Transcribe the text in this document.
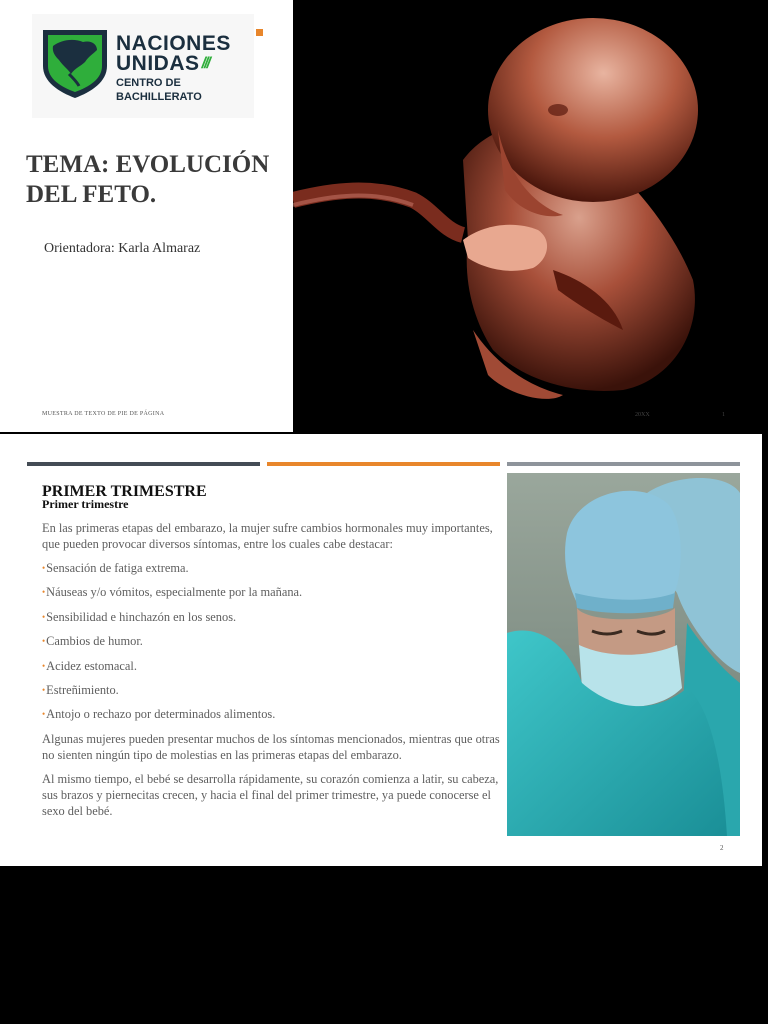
NACIONES
UNIDAS ///
CENTRO DE BACHILLERATO
TEMA: EVOLUCIÓN DEL FETO.

Orientadora: Karla Almaraz

MUESTRA DE TEXTO DE PIE DE PÁGINA	20XX	1
PRIMER TRIMESTRE
Primer trimestre

En las primeras etapas del embarazo, la mujer sufre cambios hormonales muy importantes, que pueden provocar diversos síntomas, entre los cuales cabe destacar:

•Sensación de fatiga extrema.
•Náuseas y/o vómitos, especialmente por la mañana.
•Sensibilidad e hinchazón en los senos.
•Cambios de humor.
•Acidez estomacal.
•Estreñimiento.
•Antojo o rechazo por determinados alimentos.

Algunas mujeres pueden presentar muchos de los síntomas mencionados, mientras que otras no sienten ningún tipo de molestias en las primeras etapas del embarazo.

Al mismo tiempo, el bebé se desarrolla rápidamente, su corazón comienza a latir, su cabeza, sus brazos y piernecitas crecen, y hacia el final del primer trimestre, ya puede conocerse el sexo del bebé.

2
